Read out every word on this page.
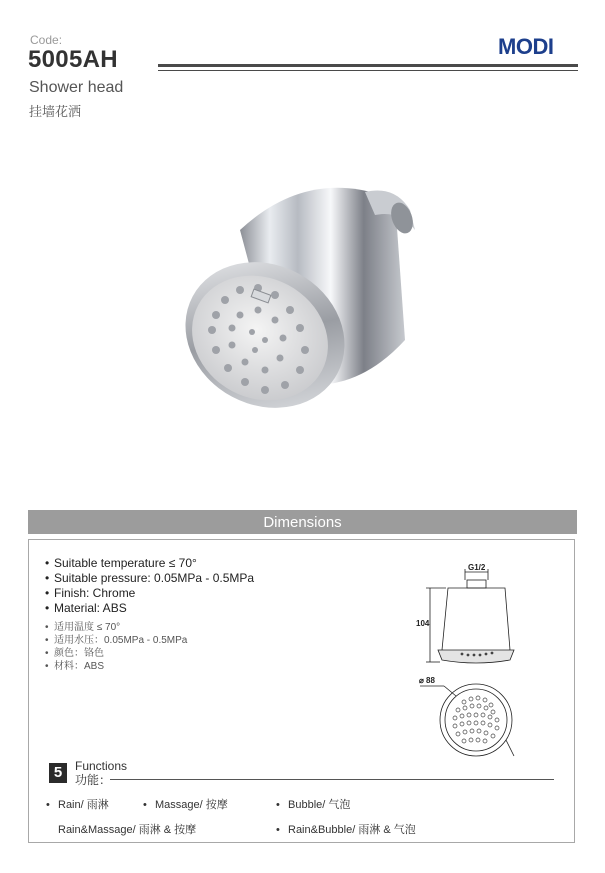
Code:
5005AH
Shower head
挂墙花洒
MODI
Dimensions
• Suitable temperature ≤ 70°
• Suitable pressure: 0.05MPa - 0.5MPa
• Finish: Chrome
• Material: ABS
• 适用温度 ≤ 70°
• 适用水压：0.05MPa - 0.5MPa
• 颜色：铬色
• 材料：ABS
G1/2
104
⌀ 88
5	Functions
功能：
• Rain/ 雨淋	• Massage/ 按摩	• Bubble/ 气泡
Rain&Massage/ 雨淋 & 按摩	• Rain&Bubble/ 雨淋 & 气泡
